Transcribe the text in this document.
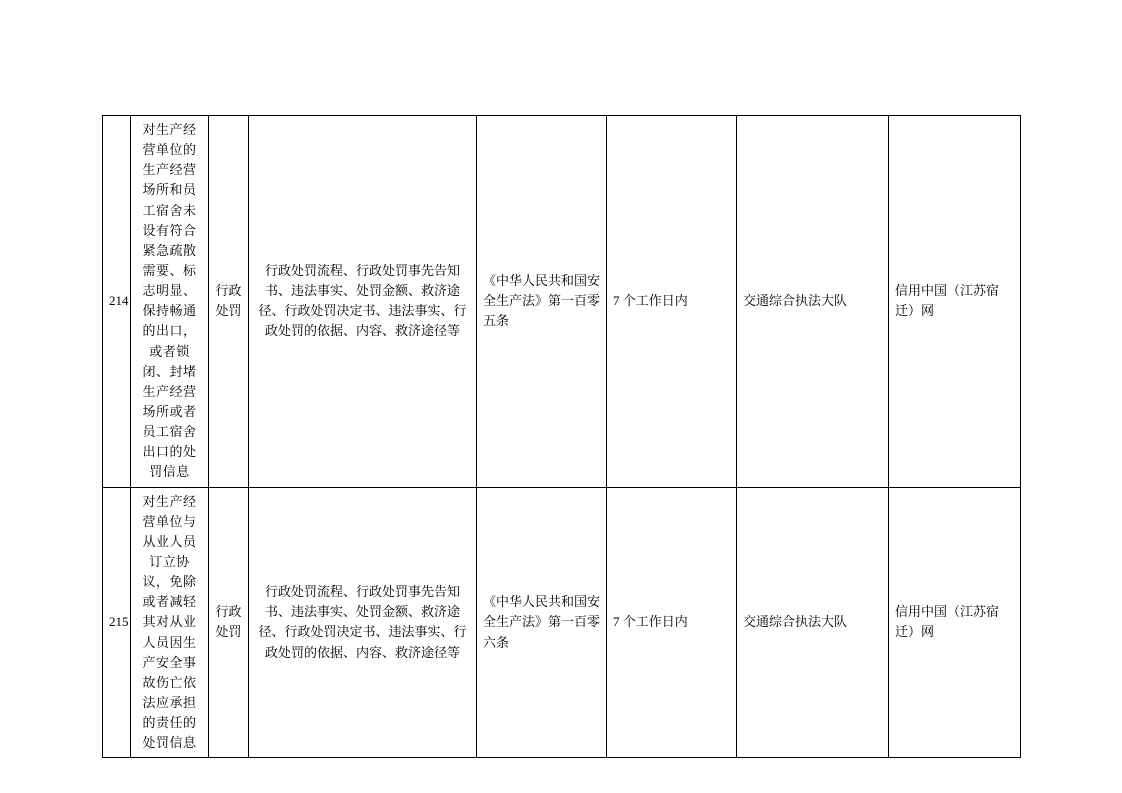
214	对生产经营单位的生产经营场所和员工宿舍未设有符合紧急疏散需要、标志明显、保持畅通的出口，或者锁闭、封堵生产经营场所或者员工宿舍出口的处罚信息	行政处罚	行政处罚流程、行政处罚事先告知书、违法事实、处罚金额、救济途径、行政处罚决定书、违法事实、行政处罚的依据、内容、救济途径等	《中华人民共和国安全生产法》第一百零五条	7 个工作日内	交通综合执法大队	信用中国（江苏宿迁）网
215	对生产经营单位与从业人员订立协议，免除或者减轻其对从业人员因生产安全事故伤亡依法应承担的责任的处罚信息	行政处罚	行政处罚流程、行政处罚事先告知书、违法事实、处罚金额、救济途径、行政处罚决定书、违法事实、行政处罚的依据、内容、救济途径等	《中华人民共和国安全生产法》第一百零六条	7 个工作日内	交通综合执法大队	信用中国（江苏宿迁）网
